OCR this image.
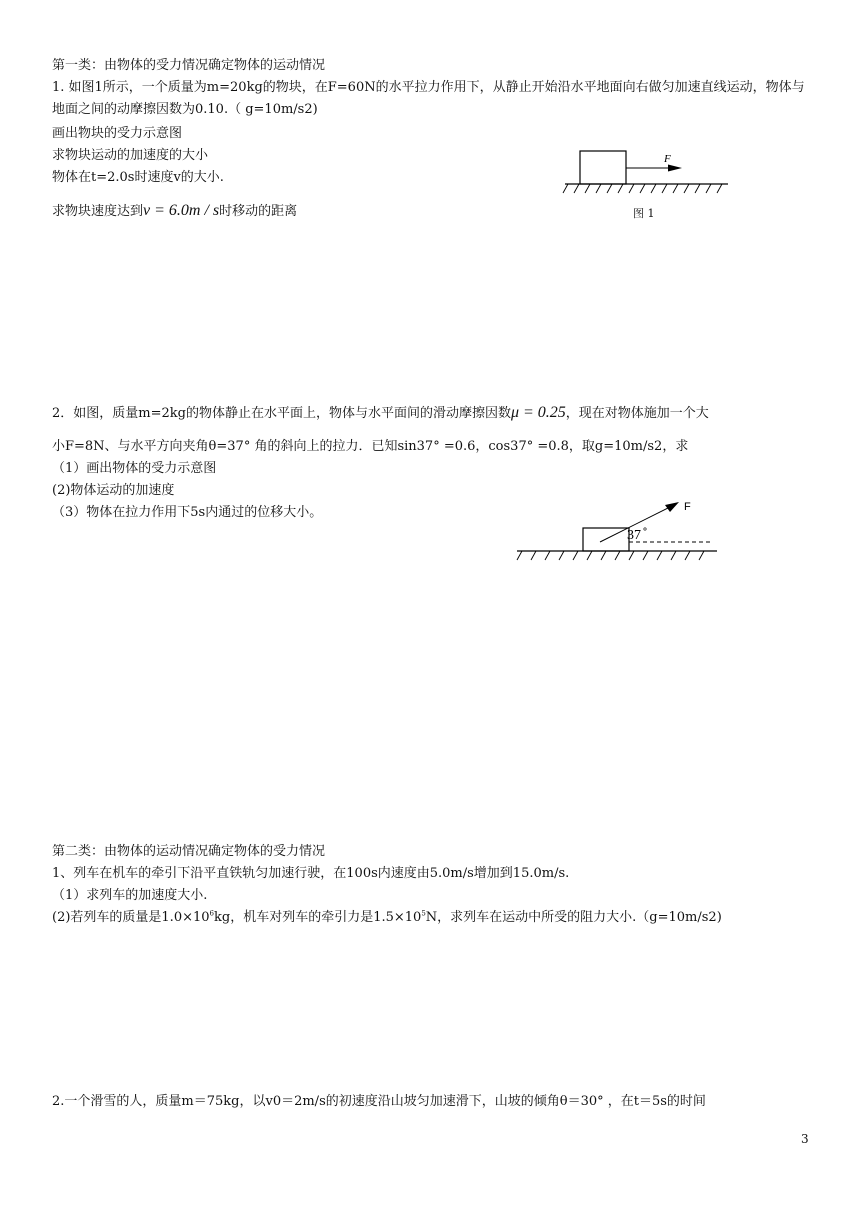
第一类：由物体的受力情况确定物体的运动情况
1. 如图1所示，一个质量为m=20kg的物块，在F=60N的水平拉力作用下，从静止开始沿水平地面向右做匀加速直线运动，物体与地面之间的动摩擦因数为0.10.（ g=10m/s2)
画出物块的受力示意图
求物块运动的加速度的大小
物体在t=2.0s时速度v的大小.
求物块速度达到v = 6.0m / s时移动的距离
F
图 1
2．如图，质量m=2kg的物体静止在水平面上，物体与水平面间的滑动摩擦因数μ = 0.25，现在对物体施加一个大
小F=8N、与水平方向夹角θ=37° 角的斜向上的拉力．已知sin37° =0.6，cos37° =0.8，取g=10m/s2，求
（1）画出物体的受力示意图
(2)物体运动的加速度
（3）物体在拉力作用下5s内通过的位移大小。	F
37
第二类：由物体的运动情况确定物体的受力情况
1、列车在机车的牵引下沿平直铁轨匀加速行驶，在100s内速度由5.0m/s增加到15.0m/s.
（1）求列车的加速度大小.
(2)若列车的质量是$1.0\times 10^6kg$，机车对列车的牵引力是$1.5\times 10^5N$，求列车在运动中所受的阻力大小.（g=10m/s2)
2.一个滑雪的人，质量m＝75kg，以v0＝2m/s的初速度沿山坡匀加速滑下，山坡的倾角θ＝30° ，在t＝5s的时间
3
